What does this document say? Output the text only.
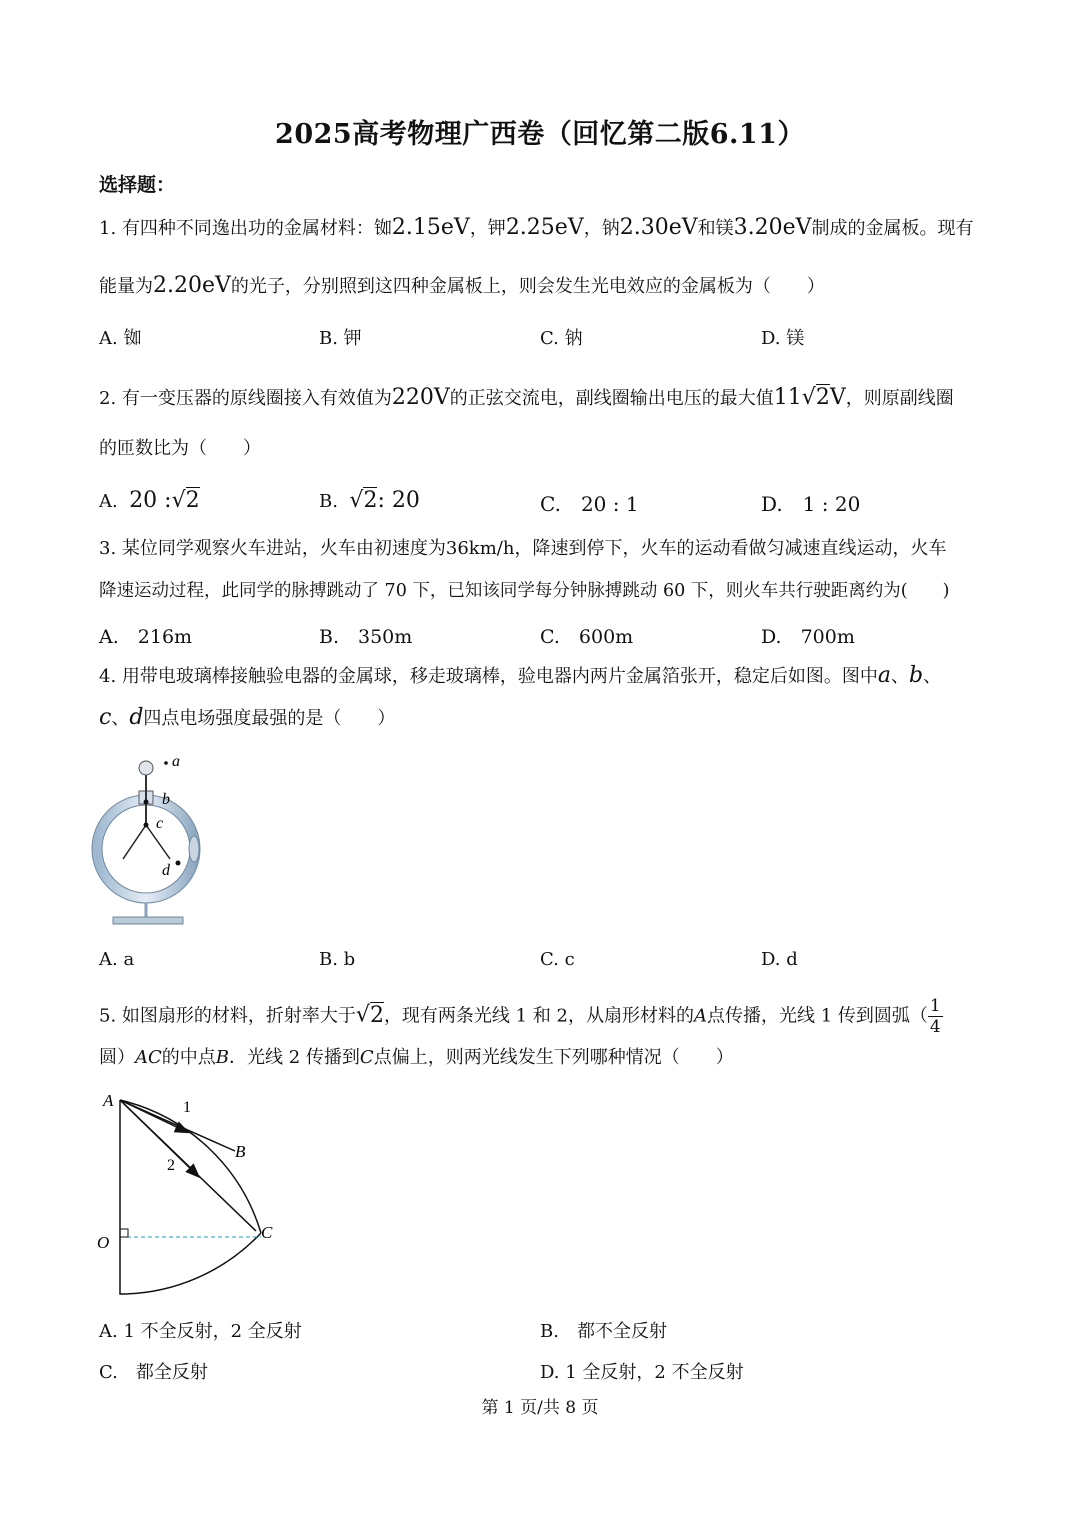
2025高考物理广西卷（回忆第二版6.11）
选择题：
1. 有四种不同逸出功的金属材料：铷2.15eV，钾2.25eV，钠2.30eV和镁3.20eV制成的金属板。现有
能量为2.20eV的光子，分别照到这四种金属板上，则会发生光电效应的金属板为（　　）
A. 铷	B. 钾	C. 钠	D. 镁
2. 有一变压器的原线圈接入有效值为220V的正弦交流电，副线圈输出电压的最大值11√2V，则原副线圈
的匝数比为（　　）
A. 20 :√2	B. √2: 20	C.　20 : 1	D.　1 : 20
3. 某位同学观察火车进站，火车由初速度为36km/h，降速到停下，火车的运动看做匀减速直线运动，火车
降速运动过程，此同学的脉搏跳动了 70 下，已知该同学每分钟脉搏跳动 60 下，则火车共行驶距离约为(　　)
A.　216m	B.　350m	C.　600m	D.　700m
4. 用带电玻璃棒接触验电器的金属球，移走玻璃棒，验电器内两片金属箔张开，稳定后如图。图中a、b、
c、d四点电场强度最强的是（　　）
a
b
c
d
A. a	B. b	C. c	D. d
5. 如图扇形的材料，折射率大于√2，现有两条光线 1 和 2，从扇形材料的A点传播，光线 1 传到圆弧（ $\frac{1}{4}$
圆）AC的中点B．光线 2 传播到C点偏上，则两光线发生下列哪种情况（　　）
A
B
C
O
1
2
A. 1 不全反射，2 全反射	B.　都不全反射
C.　都全反射	D. 1 全反射，2 不全反射
第 1 页/共 8 页
